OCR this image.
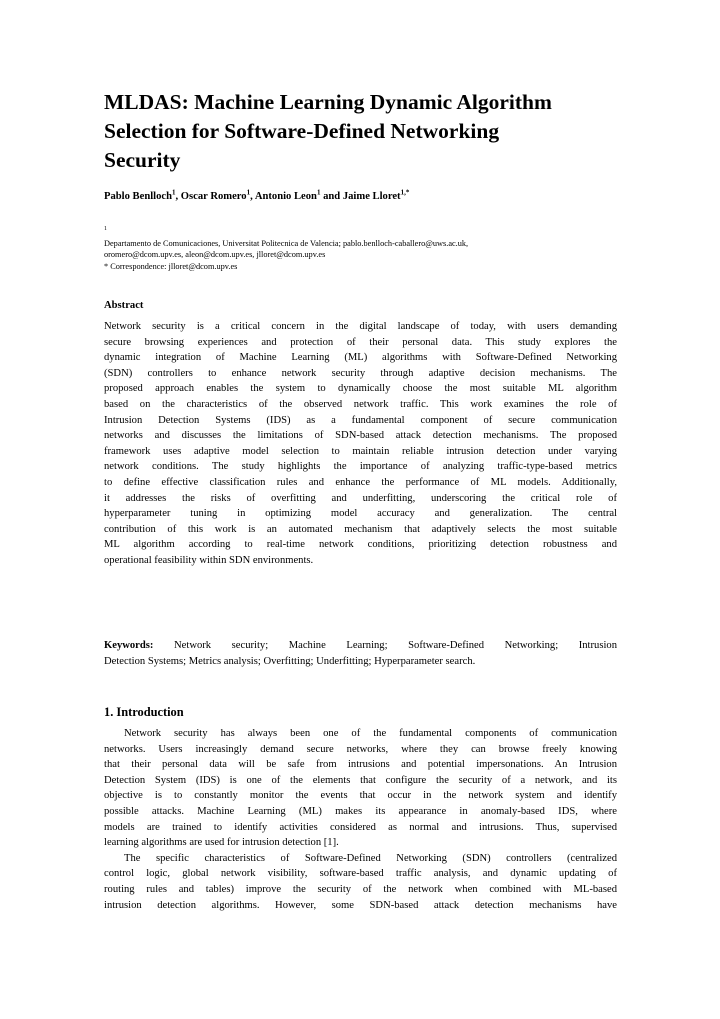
MLDAS: Machine Learning Dynamic Algorithm
Selection for Software-Defined Networking
Security
Pablo Benlloch$^1$, Oscar Romero$^1$, Antonio Leon$^1$ and Jaime Lloret$^{1,*}$
$^1$
Departamento de Comunicaciones, Universitat Politecnica de Valencia; pablo.benlloch-caballero@uws.ac.uk,
oromero@dcom.upv.es, aleon@dcom.upv.es, jlloret@dcom.upv.es
* Correspondence: jlloret@dcom.upv.es
Abstract
Network security is a critical concern in the digital landscape of today, with users demanding
secure browsing experiences and protection of their personal data. This study explores the
dynamic integration of Machine Learning (ML) algorithms with Software-Defined Networking
(SDN) controllers to enhance network security through adaptive decision mechanisms. The
proposed approach enables the system to dynamically choose the most suitable ML algorithm
based on the characteristics of the observed network traffic. This work examines the role of
Intrusion Detection Systems (IDS) as a fundamental component of secure communication
networks and discusses the limitations of SDN-based attack detection mechanisms. The proposed
framework uses adaptive model selection to maintain reliable intrusion detection under varying
network conditions. The study highlights the importance of analyzing traffic-type-based metrics
to define effective classification rules and enhance the performance of ML models. Additionally,
it addresses the risks of overfitting and underfitting, underscoring the critical role of
hyperparameter tuning in optimizing model accuracy and generalization. The central
contribution of this work is an automated mechanism that adaptively selects the most suitable
ML algorithm according to real-time network conditions, prioritizing detection robustness and
operational feasibility within SDN environments.
Keywords: Network security; Machine Learning; Software-Defined Networking; Intrusion
Detection Systems; Metrics analysis; Overfitting; Underfitting; Hyperparameter search.
1. Introduction
Network security has always been one of the fundamental components of communication
networks. Users increasingly demand secure networks, where they can browse freely knowing
that their personal data will be safe from intrusions and potential impersonations. An Intrusion
Detection System (IDS) is one of the elements that configure the security of a network, and its
objective is to constantly monitor the events that occur in the network system and identify
possible attacks. Machine Learning (ML) makes its appearance in anomaly-based IDS, where
models are trained to identify activities considered as normal and intrusions. Thus, supervised
learning algorithms are used for intrusion detection [1].
The specific characteristics of Software-Defined Networking (SDN) controllers (centralized
control logic, global network visibility, software-based traffic analysis, and dynamic updating of
routing rules and tables) improve the security of the network when combined with ML-based
intrusion detection algorithms. However, some SDN-based attack detection mechanisms have
